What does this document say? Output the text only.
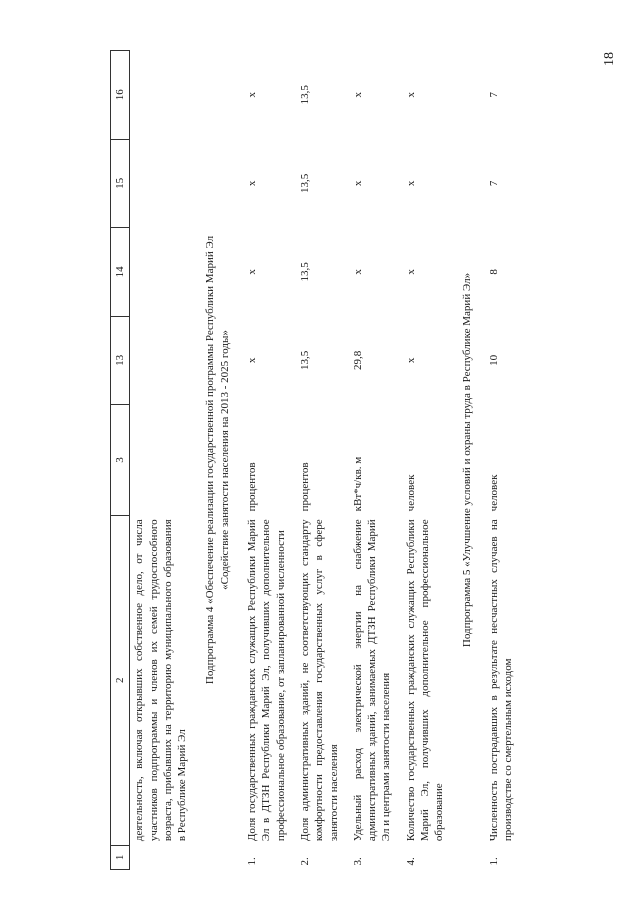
18
1	2	3	13	14	15	16
	деятельность, включая открывших собственное дело, от числа участников подпрограммы и членов их семей трудоспособного возраста, прибывших на территорию муниципального образования в Республике Марий Эл					

Подпрограмма 4 «Обеспечение реализации государственной программы Республики Марий Эл «Содействие занятости населения на 2013 - 2025 годы»						

1.	Доля государственных гражданских служащих Республики Марий Эл в ДТЗН Республики Марий Эл, получивших дополнительное профессиональное образование, от запланированной численности	процентов	х	х	х	х
2.	Доля административных зданий, не соответствующих стандарту комфортности предоставления государственных услуг в сфере занятости населения	процентов	13,5	13,5	13,5	13,5
3.	Удельный расход электрической энергии на снабжение административных зданий, занимаемых ДТЗН Республики Марий Эл и центрами занятости населения	кВт*ч/кв. м	29,8	х	х	х
4.	Количество государственных гражданских служащих Республики Марий Эл, получивших дополнительное профессиональное образование	человек	х	х	х	х

Подпрограмма 5 «Улучшение условий и охраны труда в Республике Марий Эл»						

1.	Численность пострадавших в результате несчастных случаев на производстве со смертельным исходом	человек	10	8	7	7
